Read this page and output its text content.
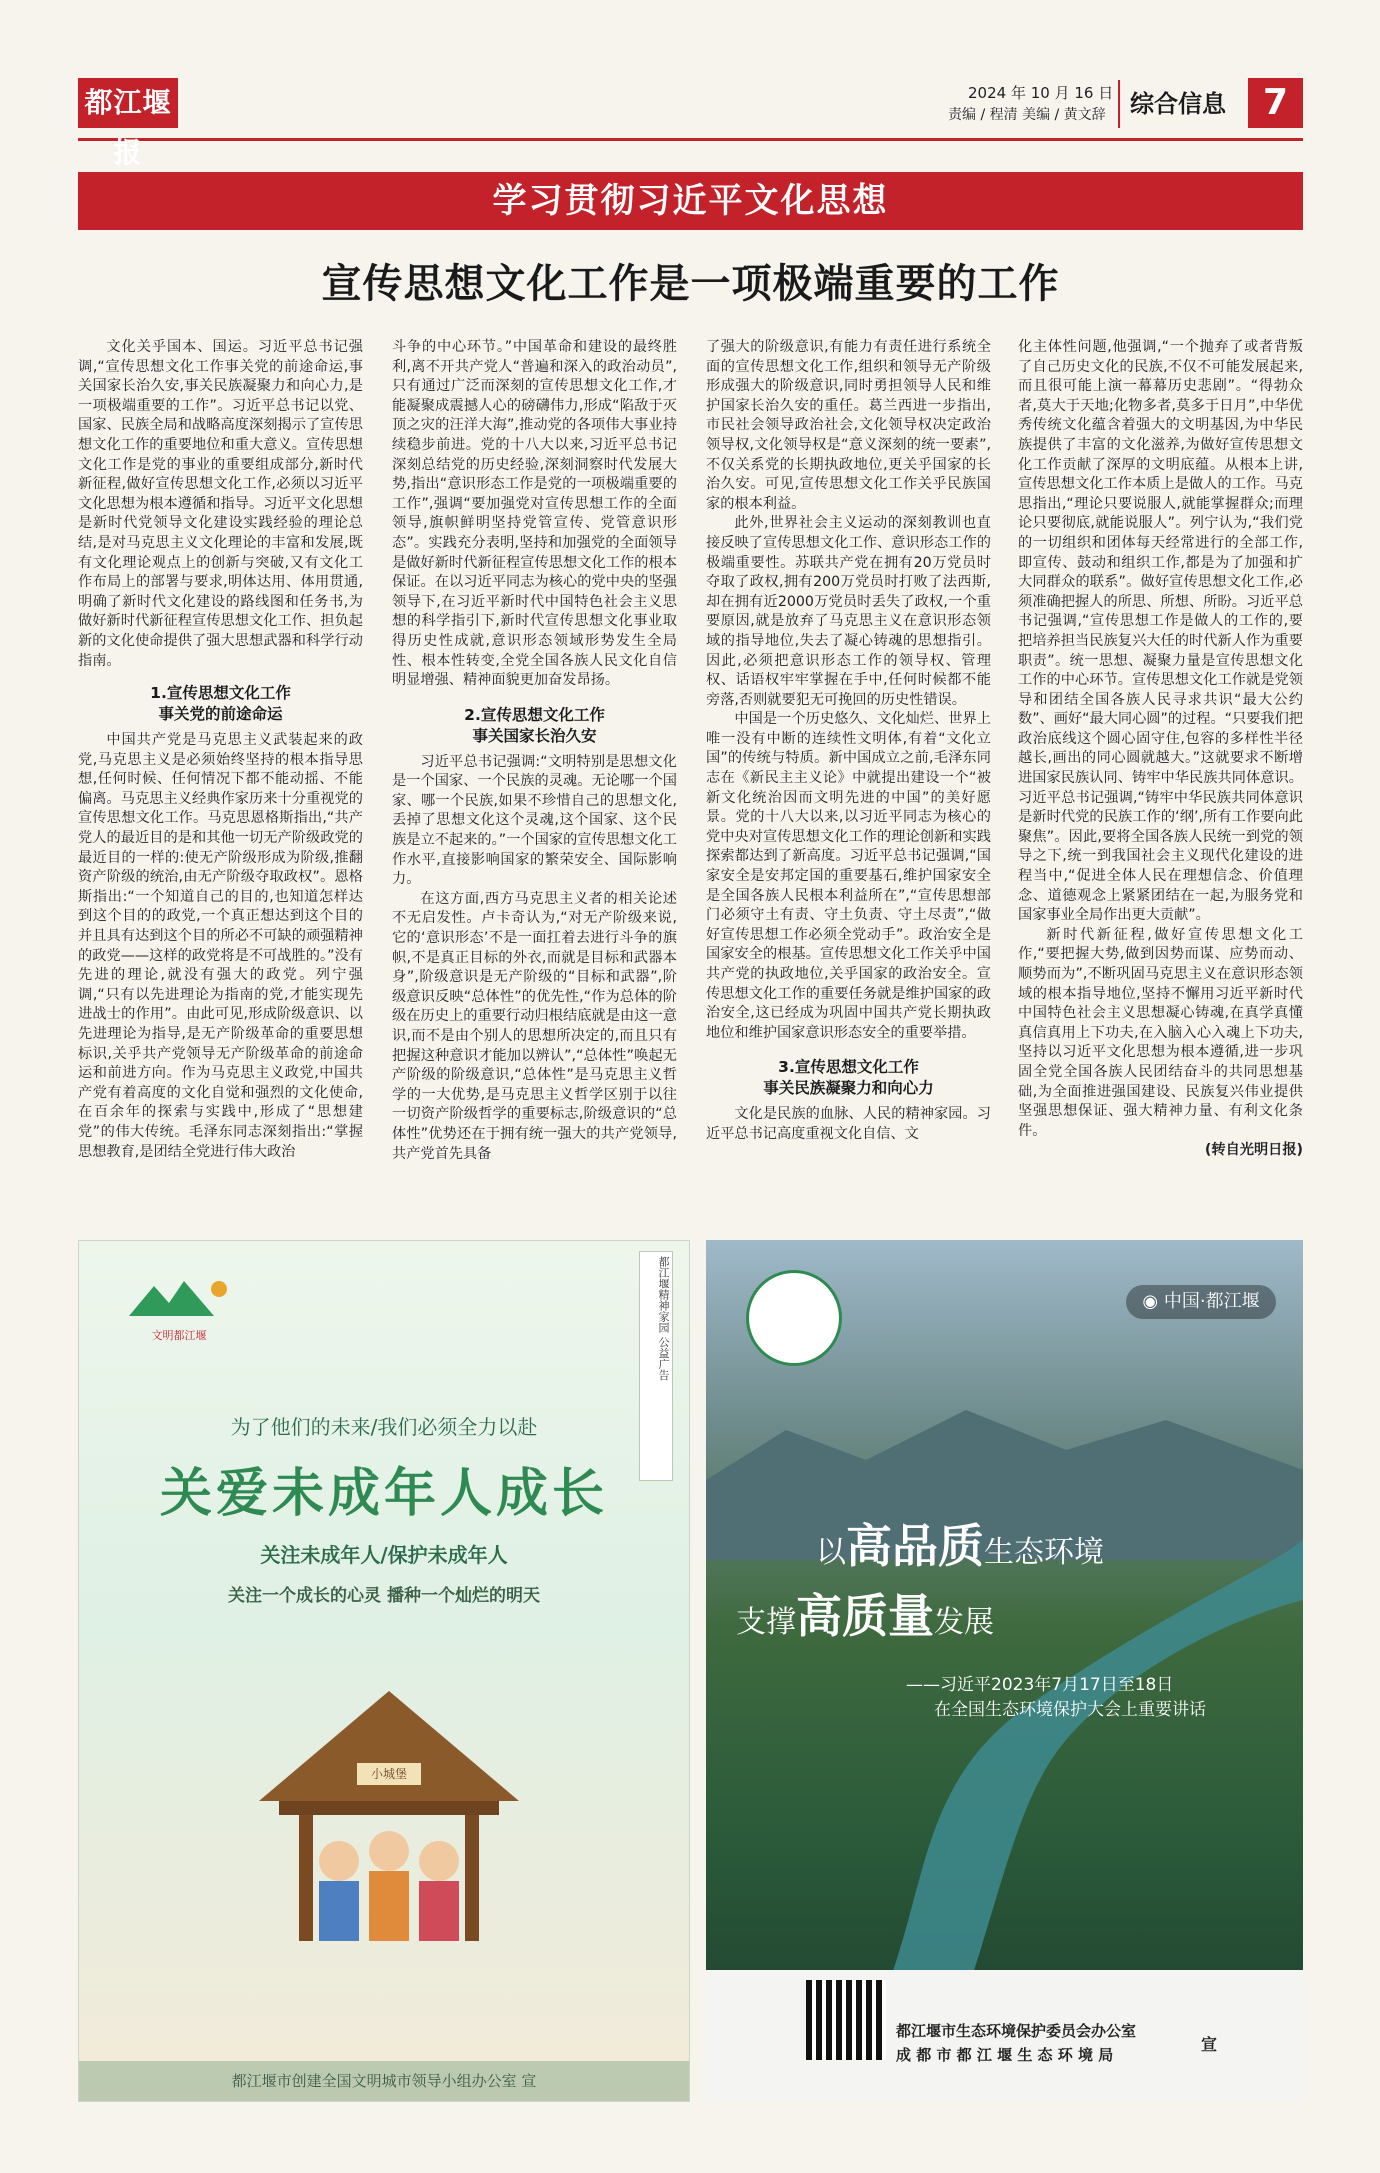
都江堰报
2024 年 10 月 16 日
责编 / 程清 美编 / 黄文辞	综合信息	7
学习贯彻习近平文化思想
宣传思想文化工作是一项极端重要的工作

文化关乎国本、国运。习近平总书记强调,“宣传思想文化工作事关党的前途命运,事关国家长治久安,事关民族凝聚力和向心力,是一项极端重要的工作”。习近平总书记以党、国家、民族全局和战略高度深刻揭示了宣传思想文化工作的重要地位和重大意义。宣传思想文化工作是党的事业的重要组成部分,新时代新征程,做好宣传思想文化工作,必须以习近平文化思想为根本遵循和指导。习近平文化思想是新时代党领导文化建设实践经验的理论总结,是对马克思主义文化理论的丰富和发展,既有文化理论观点上的创新与突破,又有文化工作布局上的部署与要求,明体达用、体用贯通,明确了新时代文化建设的路线图和任务书,为做好新时代新征程宣传思想文化工作、担负起新的文化使命提供了强大思想武器和科学行动指南。

1.宣传思想文化工作
事关党的前途命运

中国共产党是马克思主义武装起来的政党,马克思主义是必须始终坚持的根本指导思想,任何时候、任何情况下都不能动摇、不能偏离。马克思主义经典作家历来十分重视党的宣传思想文化工作。马克思恩格斯指出,“共产党人的最近目的是和其他一切无产阶级政党的最近目的一样的:使无产阶级形成为阶级,推翻资产阶级的统治,由无产阶级夺取政权”。恩格斯指出:“一个知道自己的目的,也知道怎样达到这个目的的政党,一个真正想达到这个目的并且具有达到这个目的所必不可缺的顽强精神的政党——这样的政党将是不可战胜的。”没有先进的理论,就没有强大的政党。列宁强调,“只有以先进理论为指南的党,才能实现先进战士的作用”。由此可见,形成阶级意识、以先进理论为指导,是无产阶级革命的重要思想标识,关乎共产党领导无产阶级革命的前途命运和前进方向。作为马克思主义政党,中国共产党有着高度的文化自觉和强烈的文化使命,在百余年的探索与实践中,形成了“思想建党”的伟大传统。毛泽东同志深刻指出:“掌握思想教育,是团结全党进行伟大政治

斗争的中心环节。”中国革命和建设的最终胜利,离不开共产党人“普遍和深入的政治动员”,只有通过广泛而深刻的宣传思想文化工作,才能凝聚成震撼人心的磅礴伟力,形成“陷敌于灭顶之灾的汪洋大海”,推动党的各项伟大事业持续稳步前进。党的十八大以来,习近平总书记深刻总结党的历史经验,深刻洞察时代发展大势,指出“意识形态工作是党的一项极端重要的工作”,强调“要加强党对宣传思想工作的全面领导,旗帜鲜明坚持党管宣传、党管意识形态”。实践充分表明,坚持和加强党的全面领导是做好新时代新征程宣传思想文化工作的根本保证。在以习近平同志为核心的党中央的坚强领导下,在习近平新时代中国特色社会主义思想的科学指引下,新时代宣传思想文化事业取得历史性成就,意识形态领域形势发生全局性、根本性转变,全党全国各族人民文化自信明显增强、精神面貌更加奋发昂扬。

2.宣传思想文化工作
事关国家长治久安

习近平总书记强调:“文明特别是思想文化是一个国家、一个民族的灵魂。无论哪一个国家、哪一个民族,如果不珍惜自己的思想文化,丢掉了思想文化这个灵魂,这个国家、这个民族是立不起来的。”一个国家的宣传思想文化工作水平,直接影响国家的繁荣安全、国际影响力。

在这方面,西方马克思主义者的相关论述不无启发性。卢卡奇认为,“对无产阶级来说,它的‘意识形态’不是一面扛着去进行斗争的旗帜,不是真正目标的外衣,而就是目标和武器本身”,阶级意识是无产阶级的“目标和武器”,阶级意识反映“总体性”的优先性,“作为总体的阶级在历史上的重要行动归根结底就是由这一意识,而不是由个别人的思想所决定的,而且只有把握这种意识才能加以辨认”,“总体性”唤起无产阶级的阶级意识,“总体性”是马克思主义哲学的一大优势,是马克思主义哲学区别于以往一切资产阶级哲学的重要标志,阶级意识的“总体性”优势还在于拥有统一强大的共产党领导,共产党首先具备

了强大的阶级意识,有能力有责任进行系统全面的宣传思想文化工作,组织和领导无产阶级形成强大的阶级意识,同时勇担领导人民和维护国家长治久安的重任。葛兰西进一步指出,市民社会领导政治社会,文化领导权决定政治领导权,文化领导权是“意义深刻的统一要素”,不仅关系党的长期执政地位,更关乎国家的长治久安。可见,宣传思想文化工作关乎民族国家的根本利益。

此外,世界社会主义运动的深刻教训也直接反映了宣传思想文化工作、意识形态工作的极端重要性。苏联共产党在拥有20万党员时夺取了政权,拥有200万党员时打败了法西斯,却在拥有近2000万党员时丢失了政权,一个重要原因,就是放弃了马克思主义在意识形态领域的指导地位,失去了凝心铸魂的思想指引。因此,必须把意识形态工作的领导权、管理权、话语权牢牢掌握在手中,任何时候都不能旁落,否则就要犯无可挽回的历史性错误。

中国是一个历史悠久、文化灿烂、世界上唯一没有中断的连续性文明体,有着“文化立国”的传统与特质。新中国成立之前,毛泽东同志在《新民主主义论》中就提出建设一个“被新文化统治因而文明先进的中国”的美好愿景。党的十八大以来,以习近平同志为核心的党中央对宣传思想文化工作的理论创新和实践探索都达到了新高度。习近平总书记强调,“国家安全是安邦定国的重要基石,维护国家安全是全国各族人民根本利益所在”,“宣传思想部门必须守土有责、守土负责、守土尽责”,“做好宣传思想工作必须全党动手”。政治安全是国家安全的根基。宣传思想文化工作关乎中国共产党的执政地位,关乎国家的政治安全。宣传思想文化工作的重要任务就是维护国家的政治安全,这已经成为巩固中国共产党长期执政地位和维护国家意识形态安全的重要举措。

3.宣传思想文化工作
事关民族凝聚力和向心力

文化是民族的血脉、人民的精神家园。习近平总书记高度重视文化自信、文

化主体性问题,他强调,“一个抛弃了或者背叛了自己历史文化的民族,不仅不可能发展起来,而且很可能上演一幕幕历史悲剧”。“得勃众者,莫大于天地;化物多者,莫多于日月”,中华优秀传统文化蕴含着强大的文明基因,为中华民族提供了丰富的文化滋养,为做好宣传思想文化工作贡献了深厚的文明底蕴。从根本上讲,宣传思想文化工作本质上是做人的工作。马克思指出,“理论只要说服人,就能掌握群众;而理论只要彻底,就能说服人”。列宁认为,“我们党的一切组织和团体每天经常进行的全部工作,即宣传、鼓动和组织工作,都是为了加强和扩大同群众的联系”。做好宣传思想文化工作,必须准确把握人的所思、所想、所盼。习近平总书记强调,“宣传思想工作是做人的工作的,要把培养担当民族复兴大任的时代新人作为重要职责”。统一思想、凝聚力量是宣传思想文化工作的中心环节。宣传思想文化工作就是党领导和团结全国各族人民寻求共识“最大公约数”、画好“最大同心圆”的过程。“只要我们把政治底线这个圆心固守住,包容的多样性半径越长,画出的同心圆就越大。”这就要求不断增进国家民族认同、铸牢中华民族共同体意识。习近平总书记强调,“铸牢中华民族共同体意识是新时代党的民族工作的‘纲’,所有工作要向此聚焦”。因此,要将全国各族人民统一到党的领导之下,统一到我国社会主义现代化建设的进程当中,“促进全体人民在理想信念、价值理念、道德观念上紧紧团结在一起,为服务党和国家事业全局作出更大贡献”。

新时代新征程,做好宣传思想文化工作,“要把握大势,做到因势而谋、应势而动、顺势而为”,不断巩固马克思主义在意识形态领域的根本指导地位,坚持不懈用习近平新时代中国特色社会主义思想凝心铸魂,在真学真懂真信真用上下功夫,在入脑入心入魂上下功夫,坚持以习近平文化思想为根本遵循,进一步巩固全党全国各族人民团结奋斗的共同思想基础,为全面推进强国建设、民族复兴伟业提供坚强思想保证、强大精神力量、有利文化条件。

(转自光明日报)

文明都江堰	都江堰精神家园 公益广告
为了他们的未来/我们必须全力以赴
关爱未成年人成长
关注未成年人/保护未成年人
关注一个成长的心灵 播种一个灿烂的明天
小城堡
都江堰市创建全国文明城市领导小组办公室 宣
◉ 中国·都江堰
以高品质生态环境
支撑高质量发展
——习近平2023年7月17日至18日
在全国生态环境保护大会上重要讲话
都江堰市生态环境保护委员会办公室
成 都 市 都 江 堰 生 态 环 境 局
宣
